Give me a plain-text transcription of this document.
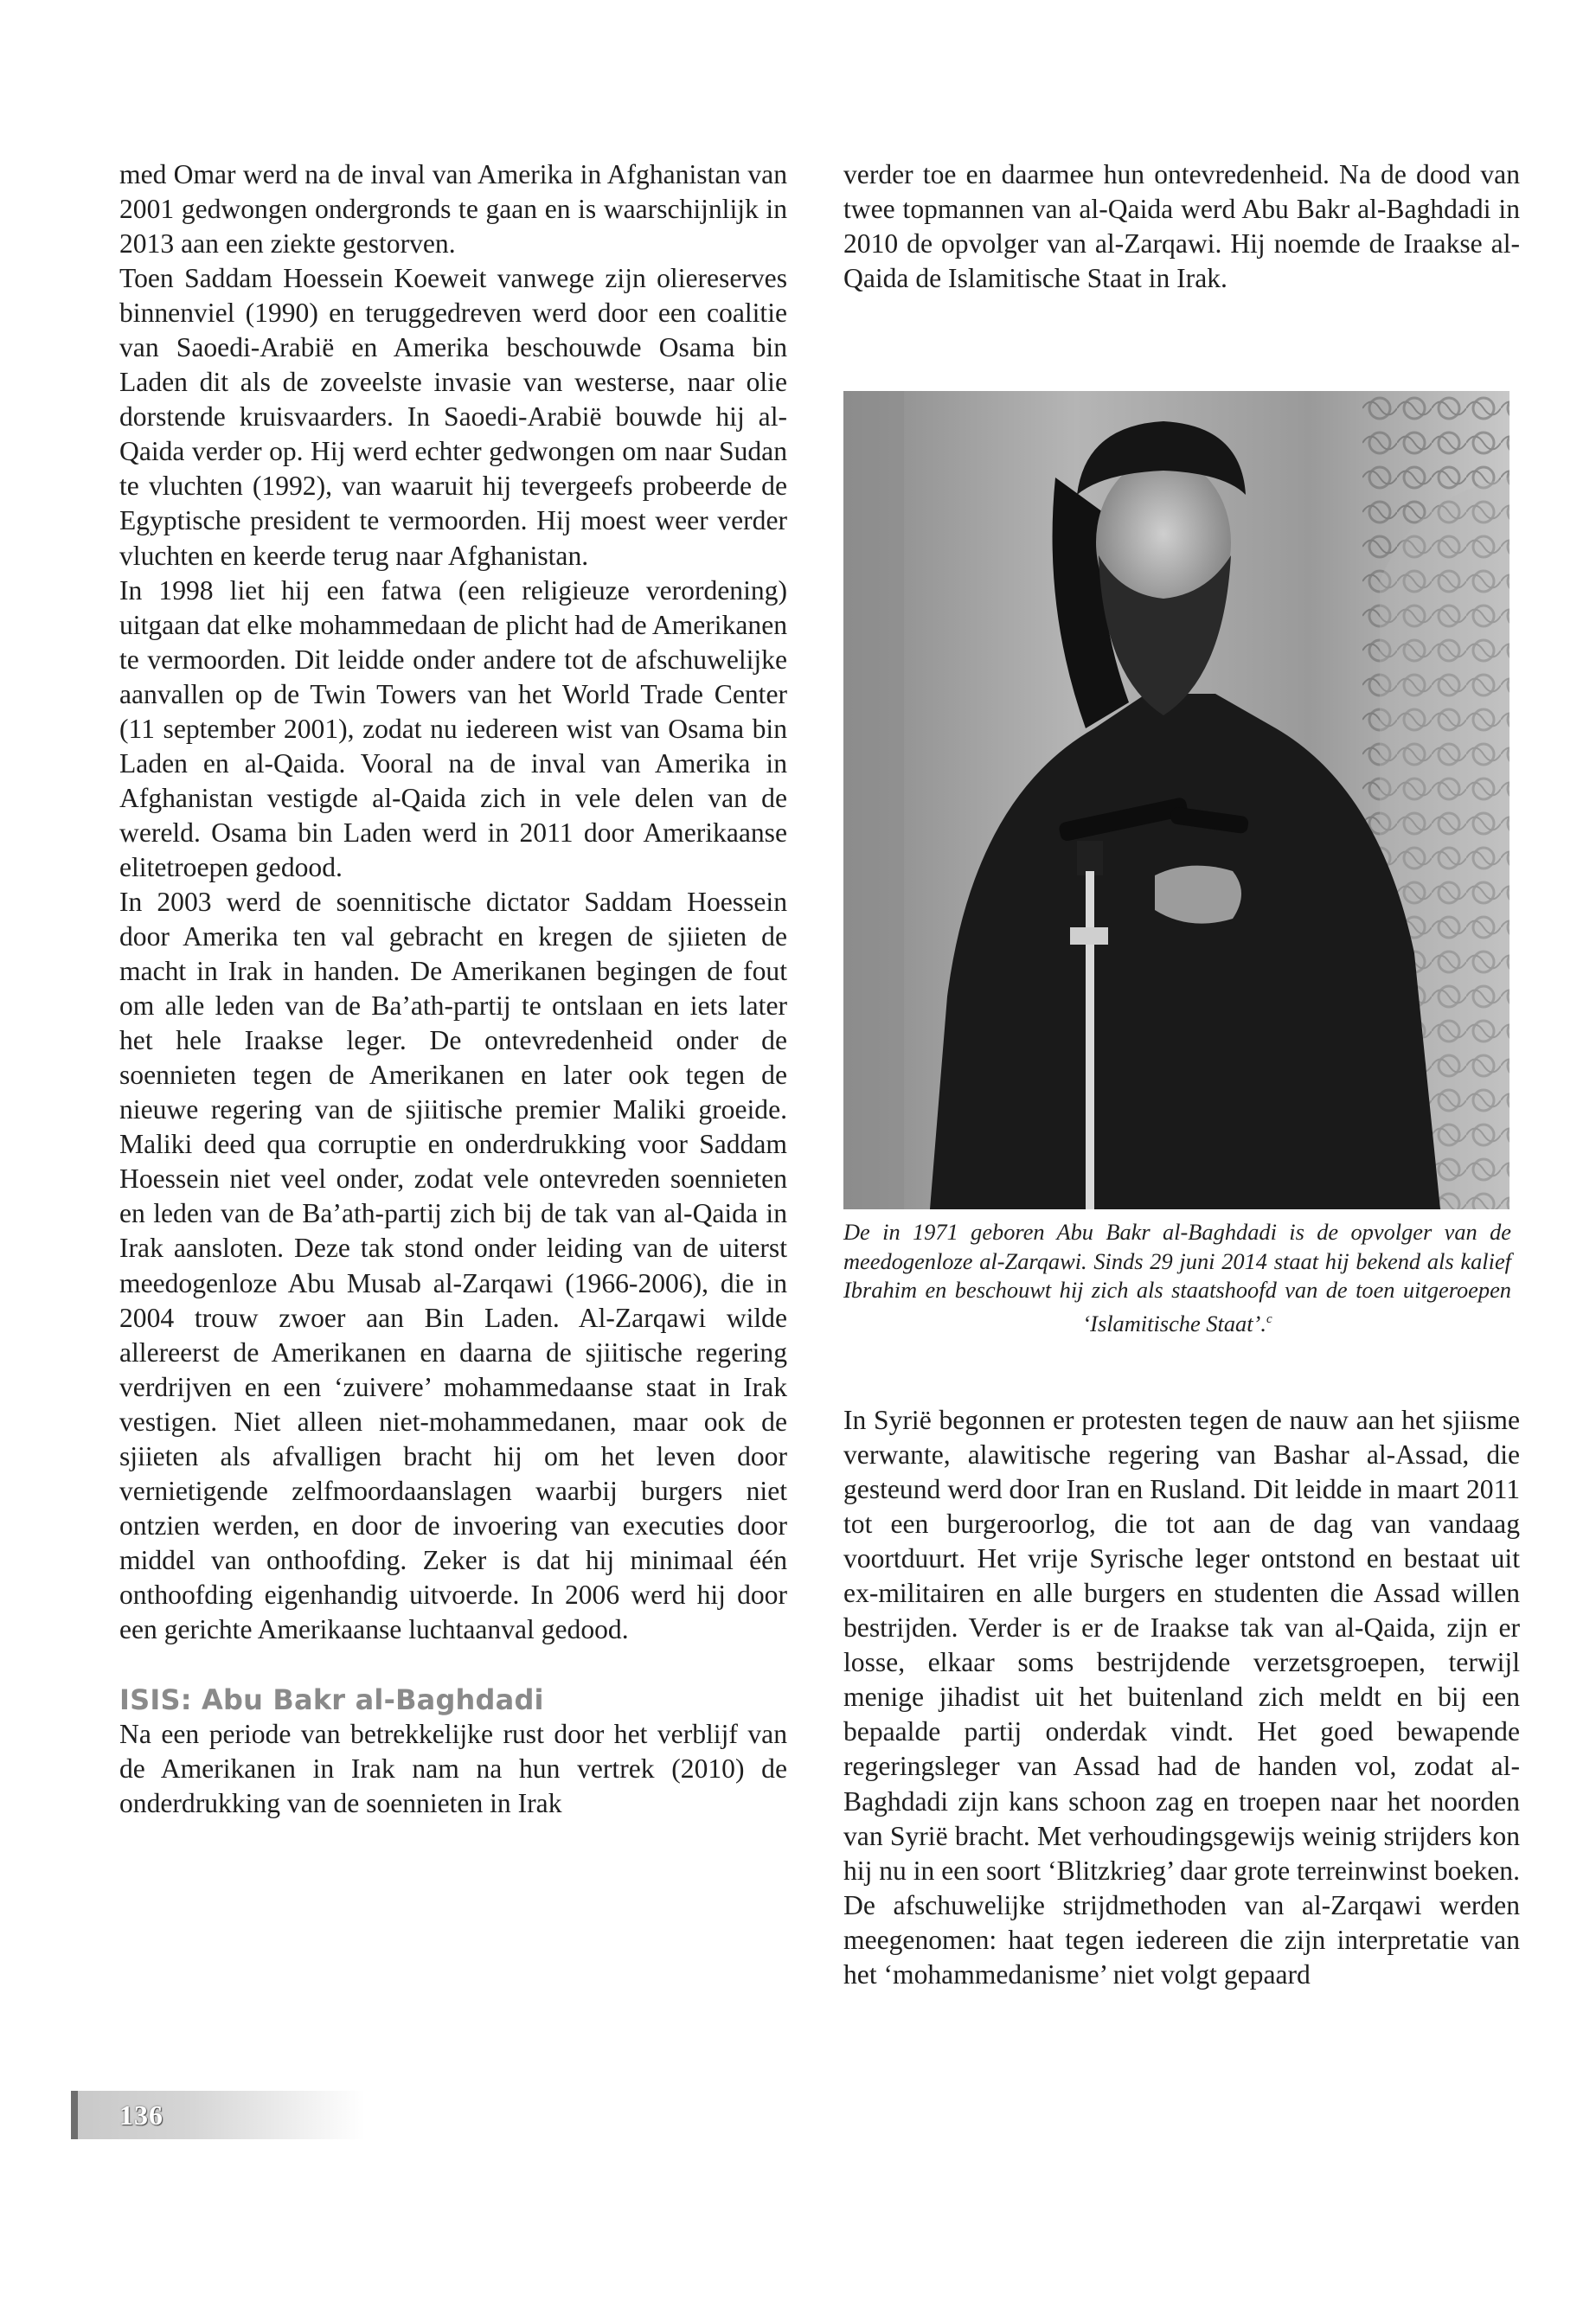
med Omar werd na de inval van Amerika in Afghanistan van 2001 gedwongen ondergronds te gaan en is waarschijnlijk in 2013 aan een ziekte gestorven.

Toen Saddam Hoessein Koeweit vanwege zijn oliereserves binnenviel (1990) en teruggedreven werd door een coalitie van Saoedi-Arabië en Amerika beschouwde Osama bin Laden dit als de zoveelste invasie van westerse, naar olie dorstende kruisvaarders. In Saoedi-Arabië bouwde hij al-Qaida verder op. Hij werd echter gedwongen om naar Sudan te vluchten (1992), van waaruit hij tevergeefs probeerde de Egyptische president te vermoorden. Hij moest weer verder vluchten en keerde terug naar Afghanistan.

In 1998 liet hij een fatwa (een religieuze verordening) uitgaan dat elke mohammedaan de plicht had de Amerikanen te vermoorden. Dit leidde onder andere tot de afschuwelijke aanvallen op de Twin Towers van het World Trade Center (11 september 2001), zodat nu iedereen wist van Osama bin Laden en al-Qaida. Vooral na de inval van Amerika in Afghanistan vestigde al-Qaida zich in vele delen van de wereld. Osama bin Laden werd in 2011 door Amerikaanse elitetroepen gedood.

In 2003 werd de soennitische dictator Saddam Hoessein door Amerika ten val gebracht en kregen de sjiieten de macht in Irak in handen. De Amerikanen begingen de fout om alle leden van de Ba’ath-partij te ontslaan en iets later het hele Iraakse leger. De ontevredenheid onder de soennieten tegen de Amerikanen en later ook tegen de nieuwe regering van de sjiitische premier Maliki groeide. Maliki deed qua corruptie en onderdrukking voor Saddam Hoessein niet veel onder, zodat vele ontevreden soennieten en leden van de Ba’ath-partij zich bij de tak van al-Qaida in Irak aansloten. Deze tak stond onder leiding van de uiterst meedogenloze Abu Musab al-Zarqawi (1966-2006), die in 2004 trouw zwoer aan Bin Laden. Al-Zarqawi wilde allereerst de Amerikanen en daarna de sjiitische regering verdrijven en een ‘zuivere’ mohammedaanse staat in Irak vestigen. Niet alleen niet-mohammedanen, maar ook de sjiieten als afvalligen bracht hij om het leven door vernietigende zelfmoordaanslagen waarbij burgers niet ontzien werden, en door de invoering van executies door middel van onthoofding. Zeker is dat hij minimaal één onthoofding eigenhandig uitvoerde. In 2006 werd hij door een gerichte Amerikaanse luchtaanval gedood.

ISIS: Abu Bakr al-Baghdadi

Na een periode van betrekkelijke rust door het verblijf van de Amerikanen in Irak nam na hun vertrek (2010) de onderdrukking van de soennieten in Irak

verder toe en daarmee hun ontevredenheid. Na de dood van twee topmannen van al-Qaida werd Abu Bakr al-Baghdadi in 2010 de opvolger van al-Zarqawi. Hij noemde de Iraakse al-Qaida de Islamitische Staat in Irak.

De in 1971 geboren Abu Bakr al-Baghdadi is de opvolger van de meedogenloze al-Zarqawi. Sinds 29 juni 2014 staat hij bekend als kalief Ibrahim en beschouwt hij zich als staatshoofd van de toen uitgeroepen ‘Islamitische Staat’.$^c$

In Syrië begonnen er protesten tegen de nauw aan het sjiisme verwante, alawitische regering van Bashar al-Assad, die gesteund werd door Iran en Rusland. Dit leidde in maart 2011 tot een burgeroorlog, die tot aan de dag van vandaag voortduurt. Het vrije Syrische leger ontstond en bestaat uit ex-militairen en alle burgers en studenten die Assad willen bestrijden. Verder is er de Iraakse tak van al-Qaida, zijn er losse, elkaar soms bestrijdende verzetsgroepen, terwijl menige jihadist uit het buitenland zich meldt en bij een bepaalde partij onderdak vindt. Het goed bewapende regeringsleger van Assad had de handen vol, zodat al-Baghdadi zijn kans schoon zag en troepen naar het noorden van Syrië bracht. Met verhoudingsgewijs weinig strijders kon hij nu in een soort ‘Blitzkrieg’ daar grote terreinwinst boeken. De afschuwelijke strijdmethoden van al-Zarqawi werden meegenomen: haat tegen iedereen die zijn interpretatie van het ‘mohammedanisme’ niet volgt gepaard

136
